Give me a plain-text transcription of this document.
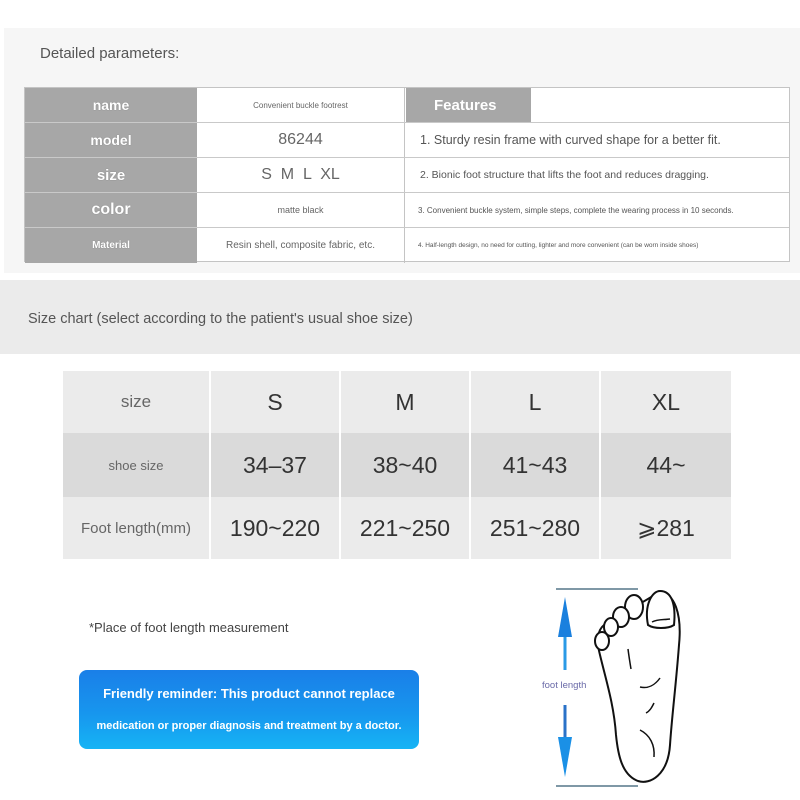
Detailed parameters:
name	Convenient buckle footrest	Features
model	86244	1. Sturdy resin frame with curved shape for a better fit.
size	S  M  L  XL	2. Bionic foot structure that lifts the foot and reduces dragging.
color	matte black	3. Convenient buckle system, simple steps, complete the wearing process in 10 seconds.
Material	Resin shell, composite fabric, etc.	4. Half-length design, no need for cutting, lighter and more convenient (can be worn inside shoes)
Size chart (select according to the patient's usual shoe size)
size	S	M	L	XL
shoe size	34–37	38~40	41~43	44~
Foot length(mm)	190~220	221~250	251~280	⩾281
*Place of foot length measurement
Friendly reminder: This product cannot replace
medication or proper diagnosis and treatment by a doctor.
foot length
